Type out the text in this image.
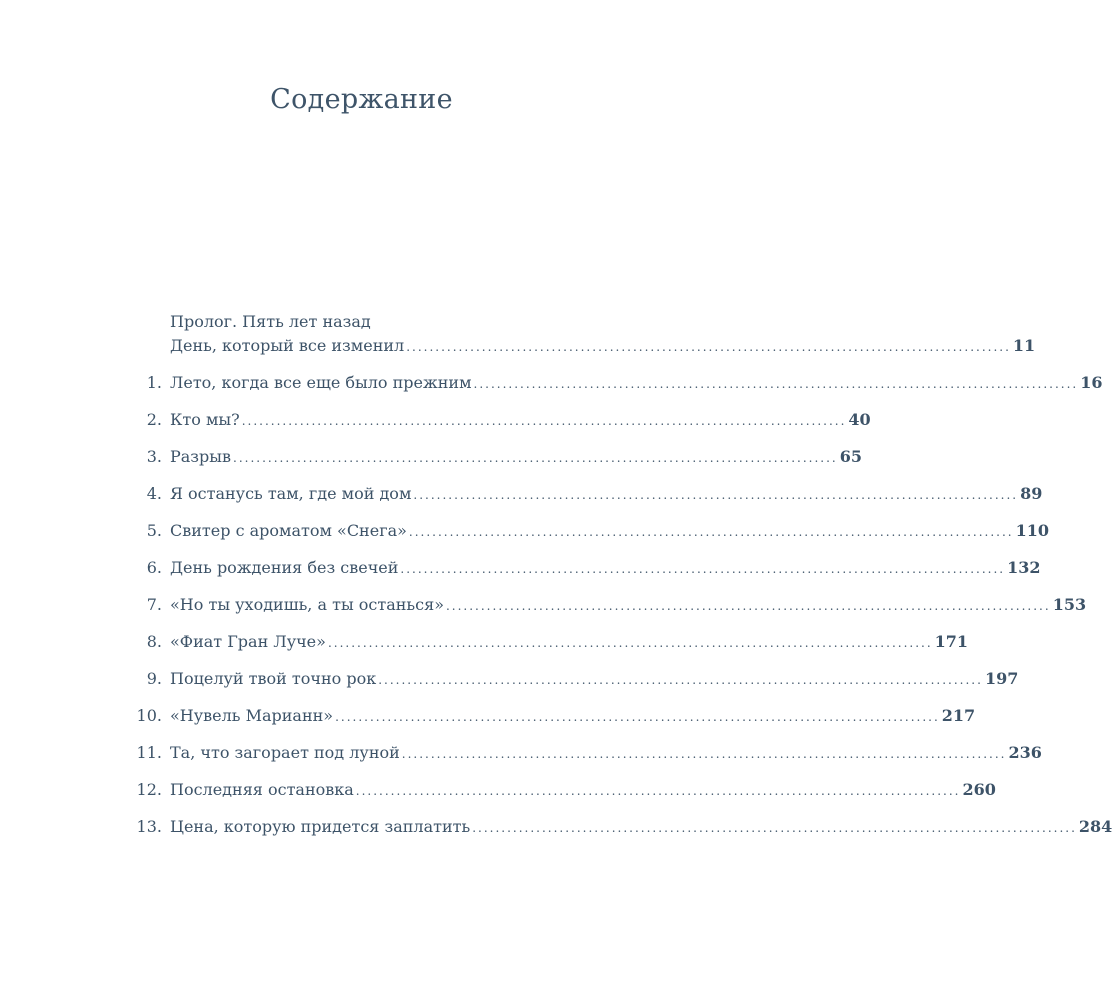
Содержание
Пролог. Пять лет назад
День, который все изменил ........................................................................................................ 11
1. Лето, когда все еще было прежним ........................................................................................................ 16
2. Кто мы? ........................................................................................................ 40
3. Разрыв ........................................................................................................ 65
4. Я останусь там, где мой дом ........................................................................................................ 89
5. Свитер с ароматом «Снега» ........................................................................................................ 110
6. День рождения без свечей ........................................................................................................ 132
7. «Но ты уходишь, а ты останься» ........................................................................................................ 153
8. «Фиат Гран Луче» ........................................................................................................ 171
9. Поцелуй твой точно рок ........................................................................................................ 197
10. «Нувель Марианн» ........................................................................................................ 217
11. Та, что загорает под луной ........................................................................................................ 236
12. Последняя остановка ........................................................................................................ 260
13. Цена, которую придется заплатить ........................................................................................................ 284
